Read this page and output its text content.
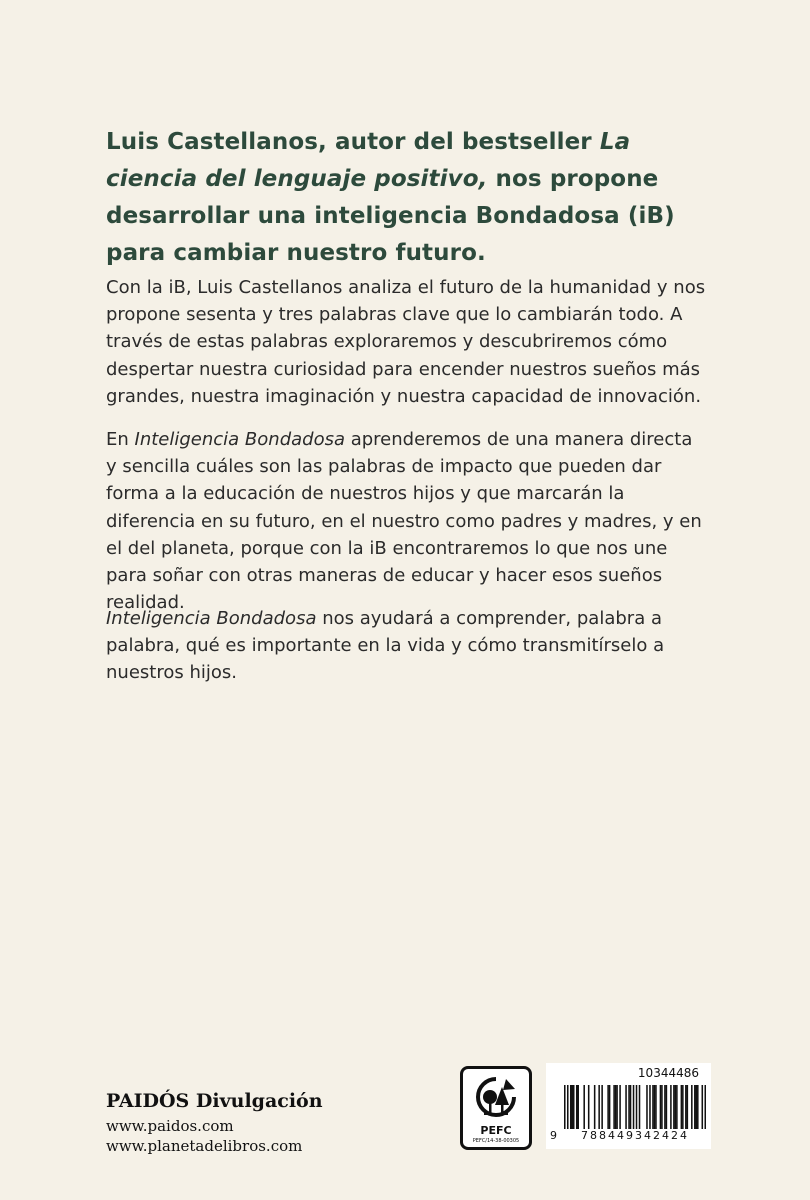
Luis Castellanos, autor del bestseller La ciencia del lenguaje positivo, nos propone desarrollar una inteligencia Bondadosa (iB) para cambiar nuestro futuro.

Con la iB, Luis Castellanos analiza el futuro de la humanidad y nos propone sesenta y tres palabras clave que lo cambiarán todo. A través de estas palabras exploraremos y descubriremos cómo despertar nuestra curiosidad para encender nuestros sueños más grandes, nuestra imaginación y nuestra capacidad de innovación.

En Inteligencia Bondadosa aprenderemos de una manera directa y sencilla cuáles son las palabras de impacto que pueden dar forma a la educación de nuestros hijos y que marcarán la diferencia en su futuro, en el nuestro como padres y madres, y en el del planeta, porque con la iB encontraremos lo que nos une para soñar con otras maneras de educar y hacer esos sueños realidad.

Inteligencia Bondadosa nos ayudará a comprender, palabra a palabra, qué es importante en la vida y cómo transmitírselo a nuestros hijos.

PAIDÓS Divulgación
www.paidos.com
www.planetadelibros.com
PEFC
PEFC/14-38-00305
10344486
9	788449342424
